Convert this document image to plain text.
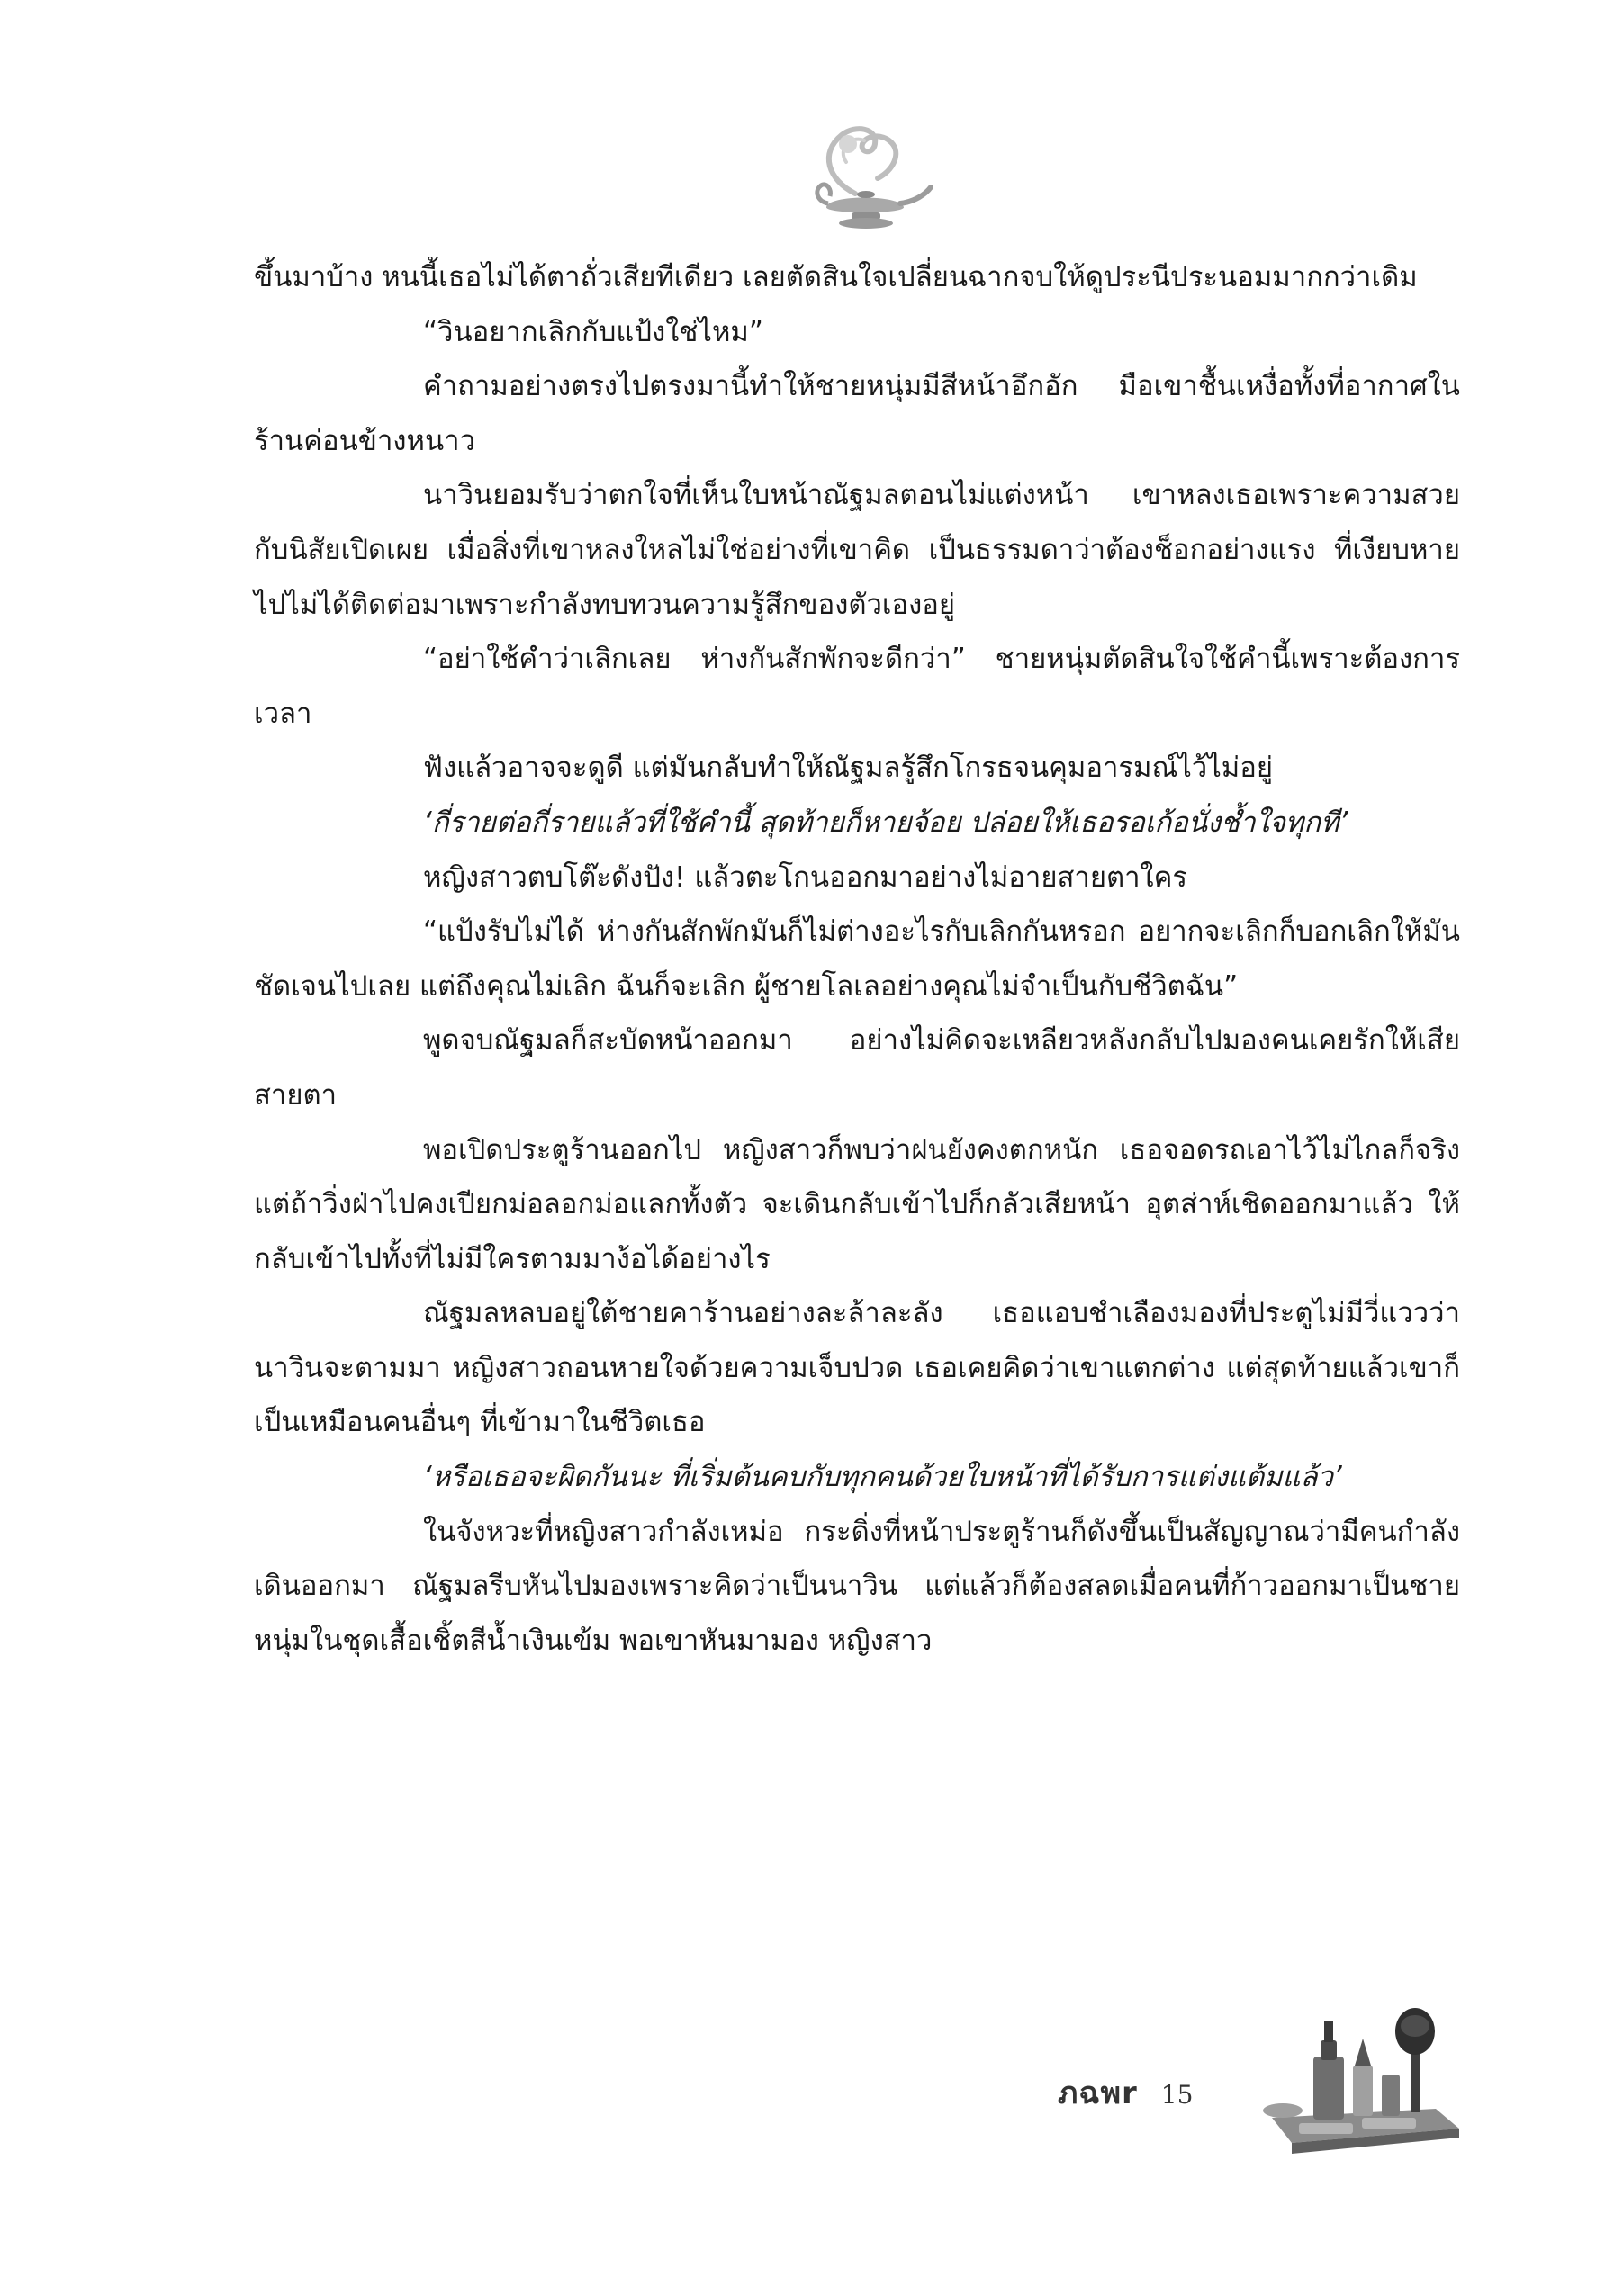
ขึ้นมาบ้าง หนนี้เธอไม่ได้ตาถั่วเสียทีเดียว เลยตัดสินใจเปลี่ยนฉากจบให้ดูประนีประนอมมากกว่าเดิม

“วินอยากเลิกกับแป้งใช่ไหม”

คำถามอย่างตรงไปตรงมานี้ทำให้ชายหนุ่มมีสีหน้าอึกอัก มือเขาชื้นเหงื่อทั้งที่อากาศในร้านค่อนข้างหนาว

นาวินยอมรับว่าตกใจที่เห็นใบหน้าณัฐมลตอนไม่แต่งหน้า เขาหลงเธอเพราะความสวยกับนิสัยเปิดเผย เมื่อสิ่งที่เขาหลงใหลไม่ใช่อย่างที่เขาคิด เป็นธรรมดาว่าต้องช็อกอย่างแรง ที่เงียบหายไปไม่ได้ติดต่อมาเพราะกำลังทบทวนความรู้สึกของตัวเองอยู่

“อย่าใช้คำว่าเลิกเลย ห่างกันสักพักจะดีกว่า” ชายหนุ่มตัดสินใจใช้คำนี้เพราะต้องการเวลา

ฟังแล้วอาจจะดูดี แต่มันกลับทำให้ณัฐมลรู้สึกโกรธจนคุมอารมณ์ไว้ไม่อยู่

‘กี่รายต่อกี่รายแล้วที่ใช้คำนี้ สุดท้ายก็หายจ้อย ปล่อยให้เธอรอเก้อนั่งช้ำใจทุกที’

หญิงสาวตบโต๊ะดังปัง! แล้วตะโกนออกมาอย่างไม่อายสายตาใคร

“แป้งรับไม่ได้ ห่างกันสักพักมันก็ไม่ต่างอะไรกับเลิกกันหรอก อยากจะเลิกก็บอกเลิกให้มันชัดเจนไปเลย แต่ถึงคุณไม่เลิก ฉันก็จะเลิก ผู้ชายโลเลอย่างคุณไม่จำเป็นกับชีวิตฉัน”

พูดจบณัฐมลก็สะบัดหน้าออกมา อย่างไม่คิดจะเหลียวหลังกลับไปมองคนเคยรักให้เสียสายตา

พอเปิดประตูร้านออกไป หญิงสาวก็พบว่าฝนยังคงตกหนัก เธอจอดรถเอาไว้ไม่ไกลก็จริง แต่ถ้าวิ่งฝ่าไปคงเปียกม่อลอกม่อแลกทั้งตัว จะเดินกลับเข้าไปก็กลัวเสียหน้า อุตส่าห์เชิดออกมาแล้ว ให้กลับเข้าไปทั้งที่ไม่มีใครตามมาง้อได้อย่างไร

ณัฐมลหลบอยู่ใต้ชายคาร้านอย่างละล้าละลัง เธอแอบชำเลืองมองที่ประตูไม่มีวี่แววว่านาวินจะตามมา หญิงสาวถอนหายใจด้วยความเจ็บปวด เธอเคยคิดว่าเขาแตกต่าง แต่สุดท้ายแล้วเขาก็เป็นเหมือนคนอื่นๆ ที่เข้ามาในชีวิตเธอ

‘หรือเธอจะผิดกันนะ ที่เริ่มต้นคบกับทุกคนด้วยใบหน้าที่ได้รับการแต่งแต้มแล้ว’

ในจังหวะที่หญิงสาวกำลังเหม่อ กระดิ่งที่หน้าประตูร้านก็ดังขึ้นเป็นสัญญาณว่ามีคนกำลังเดินออกมา ณัฐมลรีบหันไปมองเพราะคิดว่าเป็นนาวิน แต่แล้วก็ต้องสลดเมื่อคนที่ก้าวออกมาเป็นชายหนุ่มในชุดเสื้อเชิ้ตสีน้ำเงินเข้ม พอเขาหันมามอง หญิงสาว

ภฉพr 15
